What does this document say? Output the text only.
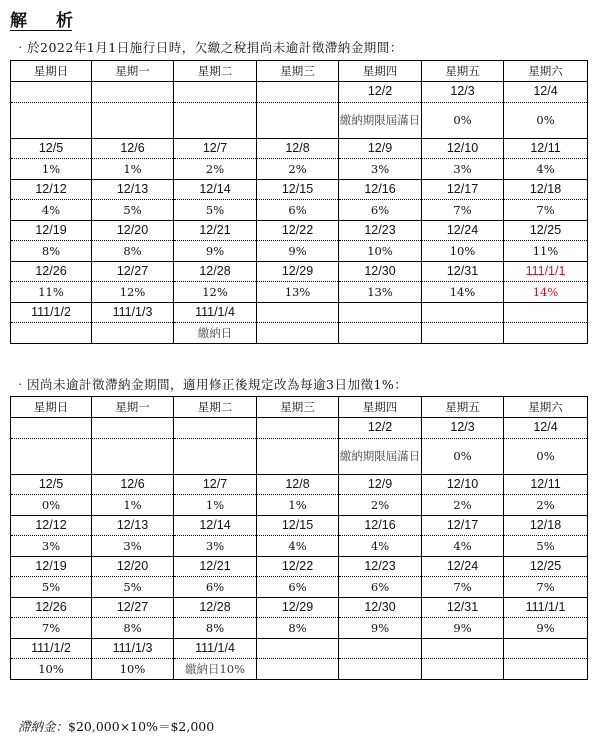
解　析
‧於2022年1月1日施行日時，欠繳之稅捐尚未逾計徵滯納金期間：
星期日	星期一	星期二	星期三	星期四	星期五	星期六
				12/2	12/3	12/4
				繳納期限屆滿日	0%	0%
12/5	12/6	12/7	12/8	12/9	12/10	12/11
1%	1%	2%	2%	3%	3%	4%
12/12	12/13	12/14	12/15	12/16	12/17	12/18
4%	5%	5%	6%	6%	7%	7%
12/19	12/20	12/21	12/22	12/23	12/24	12/25
8%	8%	9%	9%	10%	10%	11%
12/26	12/27	12/28	12/29	12/30	12/31	111/1/1
11%	12%	12%	13%	13%	14%	14%
111/1/2	111/1/3	111/1/4				
		繳納日				
‧因尚未逾計徵滯納金期間，適用修正後規定改為每逾3日加徵1%：
星期日	星期一	星期二	星期三	星期四	星期五	星期六
				12/2	12/3	12/4
				繳納期限屆滿日	0%	0%
12/5	12/6	12/7	12/8	12/9	12/10	12/11
0%	1%	1%	1%	2%	2%	2%
12/12	12/13	12/14	12/15	12/16	12/17	12/18
3%	3%	3%	4%	4%	4%	5%
12/19	12/20	12/21	12/22	12/23	12/24	12/25
5%	5%	6%	6%	6%	7%	7%
12/26	12/27	12/28	12/29	12/30	12/31	111/1/1
7%	8%	8%	8%	9%	9%	9%
111/1/2	111/1/3	111/1/4				
10%	10%	繳納日10%				
滯納金：$20,000×10%＝$2,000
